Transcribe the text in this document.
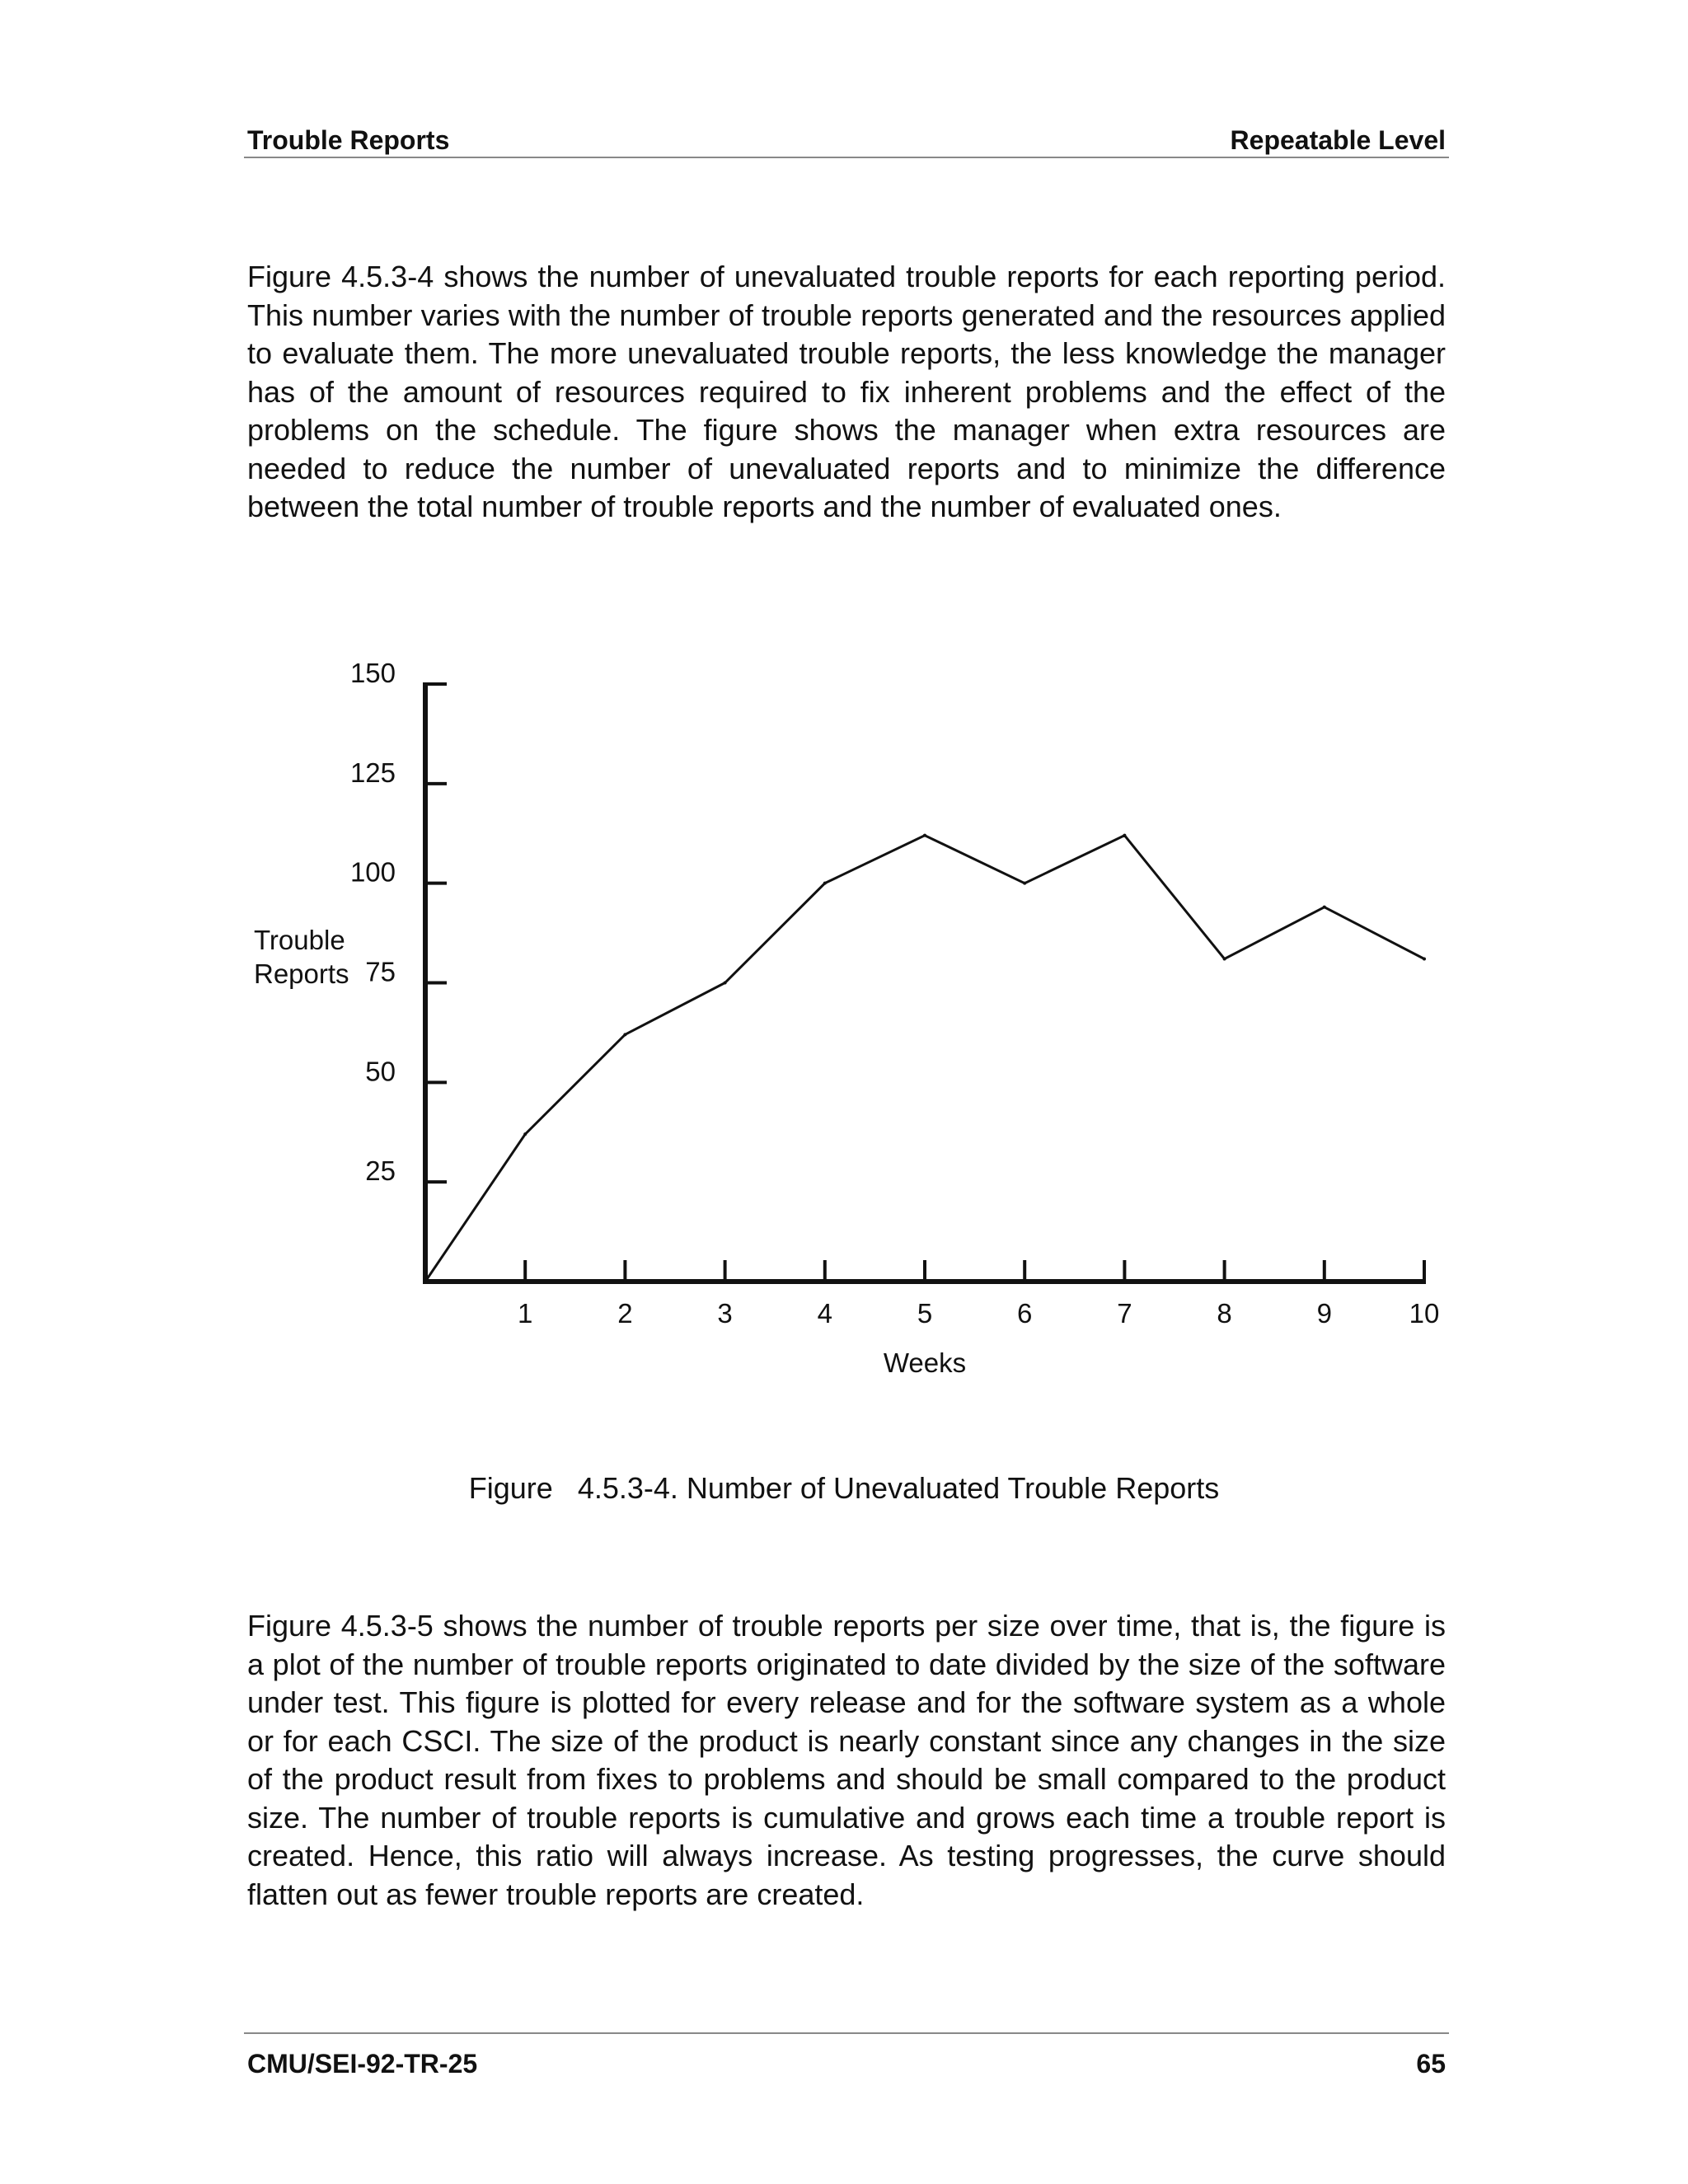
Trouble Reports	Repeatable Level

Figure 4.5.3-4 shows the number of unevaluated trouble reports for each reporting period. This number varies with the number of trouble reports generated and the resources applied to evaluate them. The more unevaluated trouble reports, the less knowledge the manager has of the amount of resources required to fix inherent problems and the effect of the problems on the schedule. The figure shows the manager when extra resources are needed to reduce the number of unevaluated reports and to minimize the difference between the total number of trouble reports and the number of evaluated ones.

25
50
75
100
125
150
1	2	3	4	5	6	7	8	9	10
Weeks
Trouble
Reports
Figure 4.5.3-4. Number of Unevaluated Trouble Reports

Figure 4.5.3-5 shows the number of trouble reports per size over time, that is, the figure is a plot of the number of trouble reports originated to date divided by the size of the software under test. This figure is plotted for every release and for the software system as a whole or for each CSCI. The size of the product is nearly constant since any changes in the size of the product result from fixes to problems and should be small compared to the product size. The number of trouble reports is cumulative and grows each time a trouble report is created. Hence, this ratio will always increase. As testing progresses, the curve should flatten out as fewer trouble reports are created.

CMU/SEI-92-TR-25	65
